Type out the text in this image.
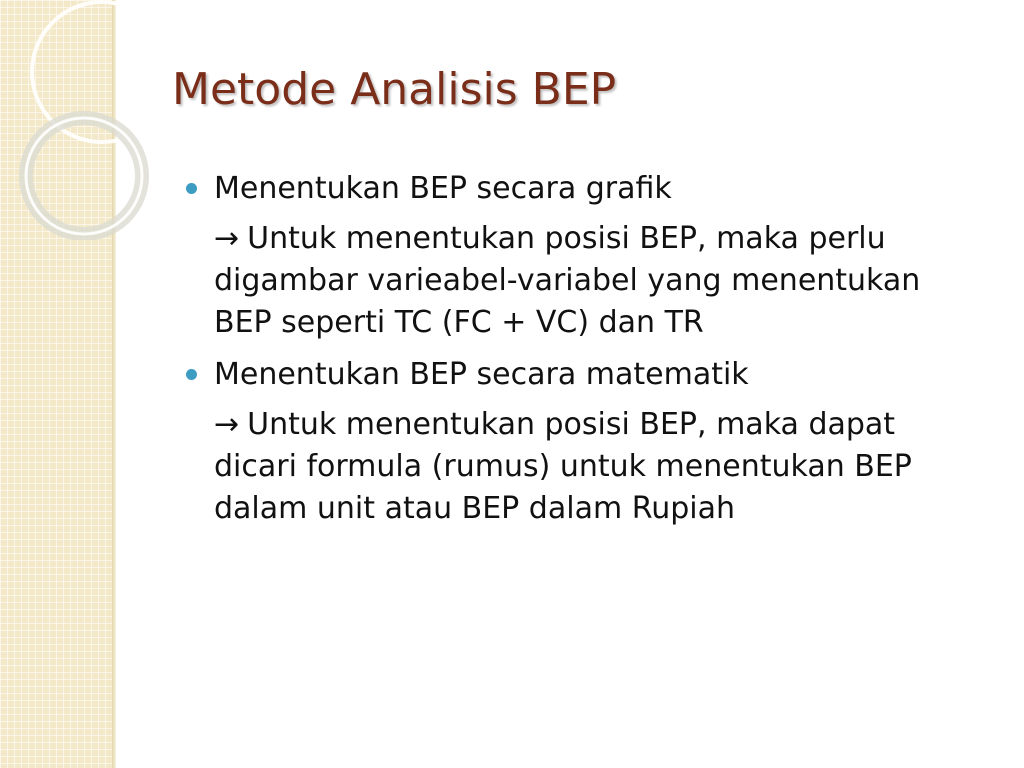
Metode Analisis BEP
Menentukan BEP secara grafik
→ Untuk menentukan posisi BEP, maka perlu digambar varieabel-variabel yang menentukan BEP seperti TC (FC + VC) dan TR
Menentukan BEP secara matematik
→ Untuk menentukan posisi BEP, maka dapat dicari formula (rumus) untuk menentukan BEP dalam unit atau BEP dalam Rupiah
